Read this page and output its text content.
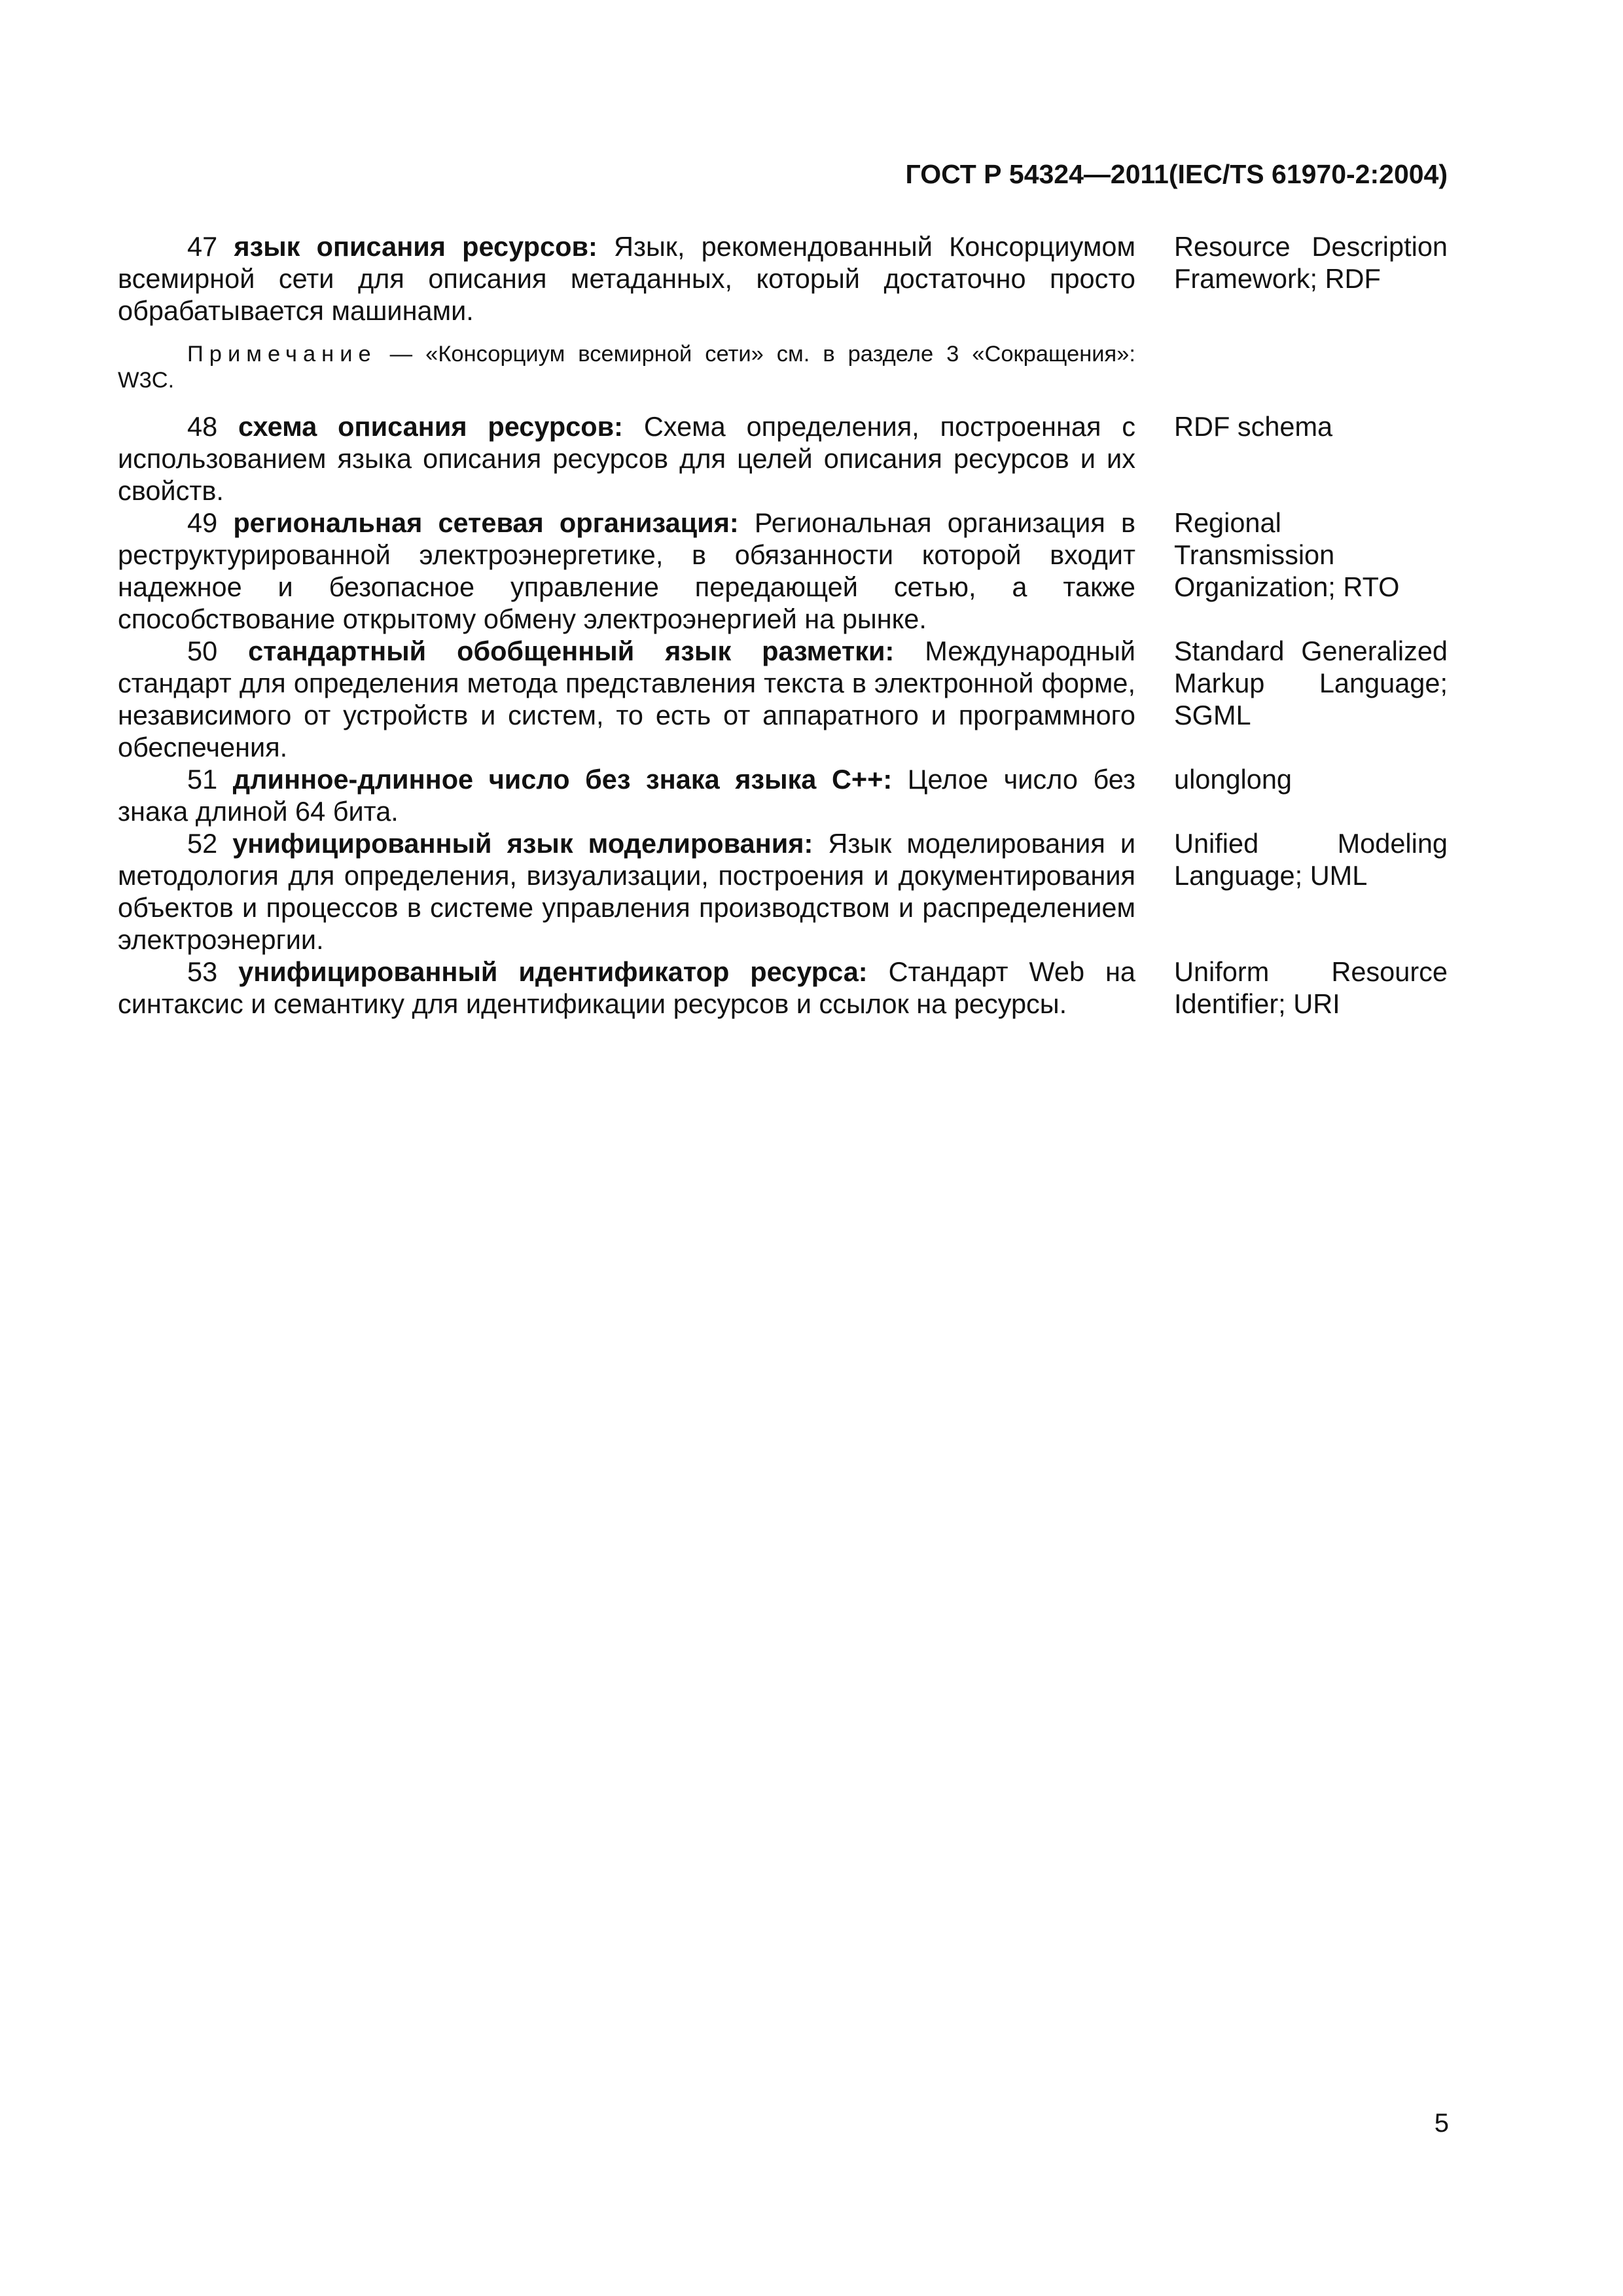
ГОСТ Р 54324—2011(IEC/TS 61970-2:2004)
47 язык описания ресурсов: Язык, рекомендованный Консорциумом всемирной сети для описания метаданных, который достаточно просто обрабатывается машинами.
Resource Description Framework; RDF
Примечание — «Консорциум всемирной сети» см. в разделе 3 «Сокращения»: W3C.
48 схема описания ресурсов: Схема определения, построенная с использованием языка описания ресурсов для целей описания ресурсов и их свойств.
RDF schema
49 региональная сетевая организация: Региональная организация в реструктурированной электроэнергетике, в обязанности которой входит надежное и безопасное управление передающей сетью, а также способствование открытому обмену электроэнергией на рынке.
Regional Transmission Organization; RTO
50 стандартный обобщенный язык разметки: Международный стандарт для определения метода представления текста в электронной форме, независимого от устройств и систем, то есть от аппаратного и программного обеспечения.
Standard Generalized Markup Language; SGML
51 длинное-длинное число без знака языка С++: Целое число без знака длиной 64 бита.
ulonglong
52 унифицированный язык моделирования: Язык моделирования и методология для определения, визуализации, построения и документирования объектов и процессов в системе управления производством и распределением электроэнергии.
Unified Modeling Language; UML
53 унифицированный идентификатор ресурса: Стандарт Web на синтаксис и семантику для идентификации ресурсов и ссылок на ресурсы.
Uniform Resource Identifier; URI
5
